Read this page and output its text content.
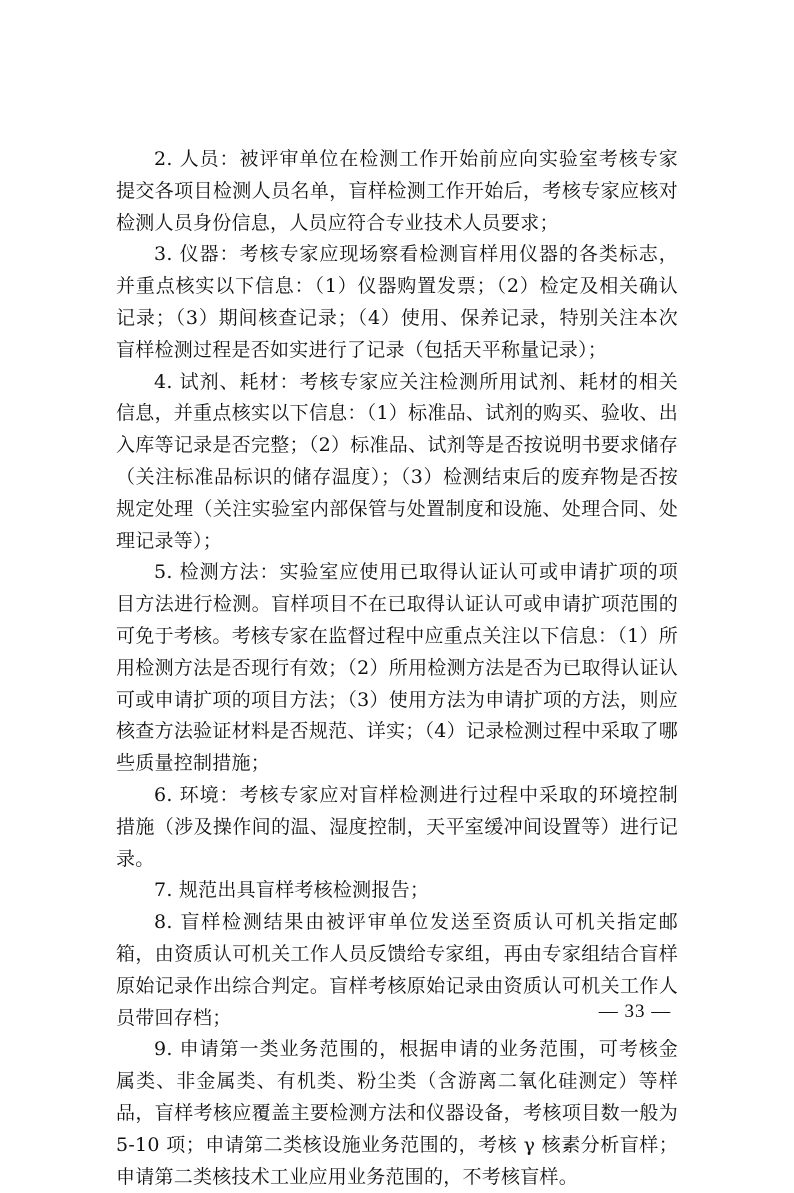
2. 人员：被评审单位在检测工作开始前应向实验室考核专家提交各项目检测人员名单，盲样检测工作开始后，考核专家应核对检测人员身份信息，人员应符合专业技术人员要求；

3. 仪器：考核专家应现场察看检测盲样用仪器的各类标志，并重点核实以下信息：（1）仪器购置发票；（2）检定及相关确认记录；（3）期间核查记录；（4）使用、保养记录，特别关注本次盲样检测过程是否如实进行了记录（包括天平称量记录）；

4. 试剂、耗材：考核专家应关注检测所用试剂、耗材的相关信息，并重点核实以下信息：（1）标准品、试剂的购买、验收、出入库等记录是否完整；（2）标准品、试剂等是否按说明书要求储存（关注标准品标识的储存温度）；（3）检测结束后的废弃物是否按规定处理（关注实验室内部保管与处置制度和设施、处理合同、处理记录等）；

5. 检测方法：实验室应使用已取得认证认可或申请扩项的项目方法进行检测。盲样项目不在已取得认证认可或申请扩项范围的可免于考核。考核专家在监督过程中应重点关注以下信息：（1）所用检测方法是否现行有效；（2）所用检测方法是否为已取得认证认可或申请扩项的项目方法；（3）使用方法为申请扩项的方法，则应核查方法验证材料是否规范、详实；（4）记录检测过程中采取了哪些质量控制措施；

6. 环境：考核专家应对盲样检测进行过程中采取的环境控制措施（涉及操作间的温、湿度控制，天平室缓冲间设置等）进行记录。

7. 规范出具盲样考核检测报告；

8. 盲样检测结果由被评审单位发送至资质认可机关指定邮箱，由资质认可机关工作人员反馈给专家组，再由专家组结合盲样原始记录作出综合判定。盲样考核原始记录由资质认可机关工作人员带回存档；

9. 申请第一类业务范围的，根据申请的业务范围，可考核金属类、非金属类、有机类、粉尘类（含游离二氧化硅测定）等样品，盲样考核应覆盖主要检测方法和仪器设备，考核项目数一般为 5-10 项；申请第二类核设施业务范围的，考核 γ 核素分析盲样；申请第二类核技术工业应用业务范围的，不考核盲样。

— 33 —
